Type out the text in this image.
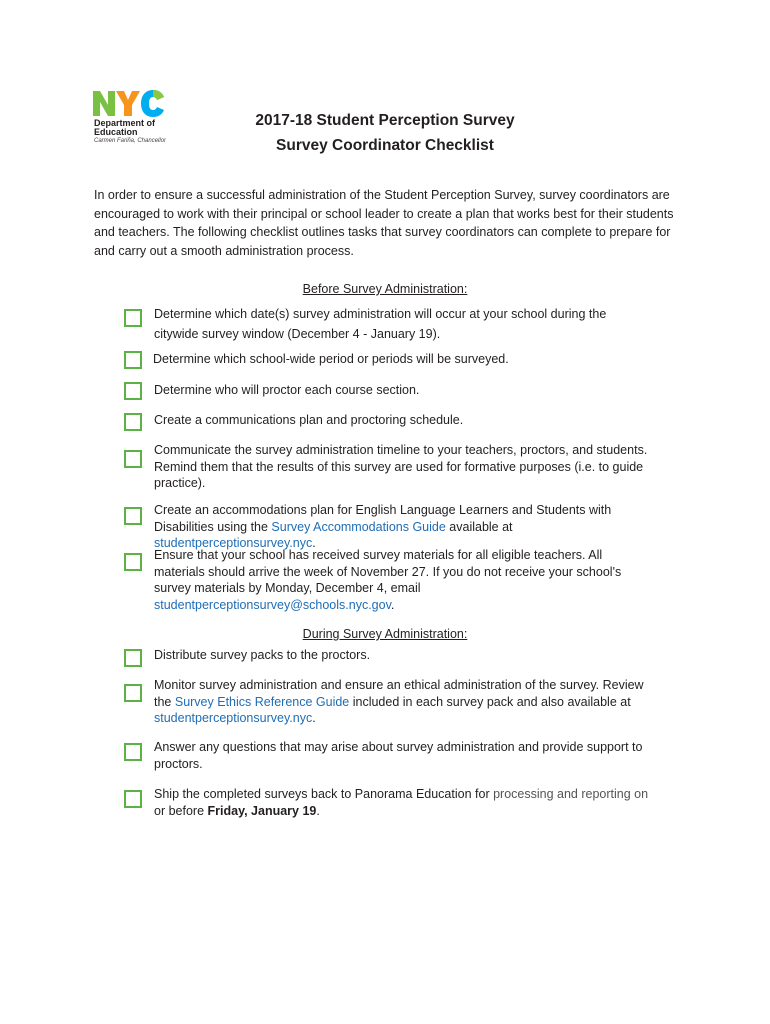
Department of Education
Carmen Fariña, Chancellor
2017-18 Student Perception Survey
Survey Coordinator Checklist
In order to ensure a successful administration of the Student Perception Survey, survey coordinators are encouraged to work with their principal or school leader to create a plan that works best for their students and teachers. The following checklist outlines tasks that survey coordinators can complete to prepare for and carry out a smooth administration process.
Before Survey Administration:
Determine which date(s) survey administration will occur at your school during the citywide survey window (December 4 - January 19).
Determine which school-wide period or periods will be surveyed.
Determine who will proctor each course section.
Create a communications plan and proctoring schedule.
Communicate the survey administration timeline to your teachers, proctors, and students. Remind them that the results of this survey are used for formative purposes (i.e. to guide practice).
Create an accommodations plan for English Language Learners and Students with Disabilities using the Survey Accommodations Guide available at studentperceptionsurvey.nyc.
Ensure that your school has received survey materials for all eligible teachers. All materials should arrive the week of November 27. If you do not receive your school's survey materials by Monday, December 4, email studentperceptionsurvey@schools.nyc.gov.
During Survey Administration:
Distribute survey packs to the proctors.
Monitor survey administration and ensure an ethical administration of the survey. Review the Survey Ethics Reference Guide included in each survey pack and also available at studentperceptionsurvey.nyc.
Answer any questions that may arise about survey administration and provide support to proctors.
Ship the completed surveys back to Panorama Education for processing and reporting on or before Friday, January 19.
